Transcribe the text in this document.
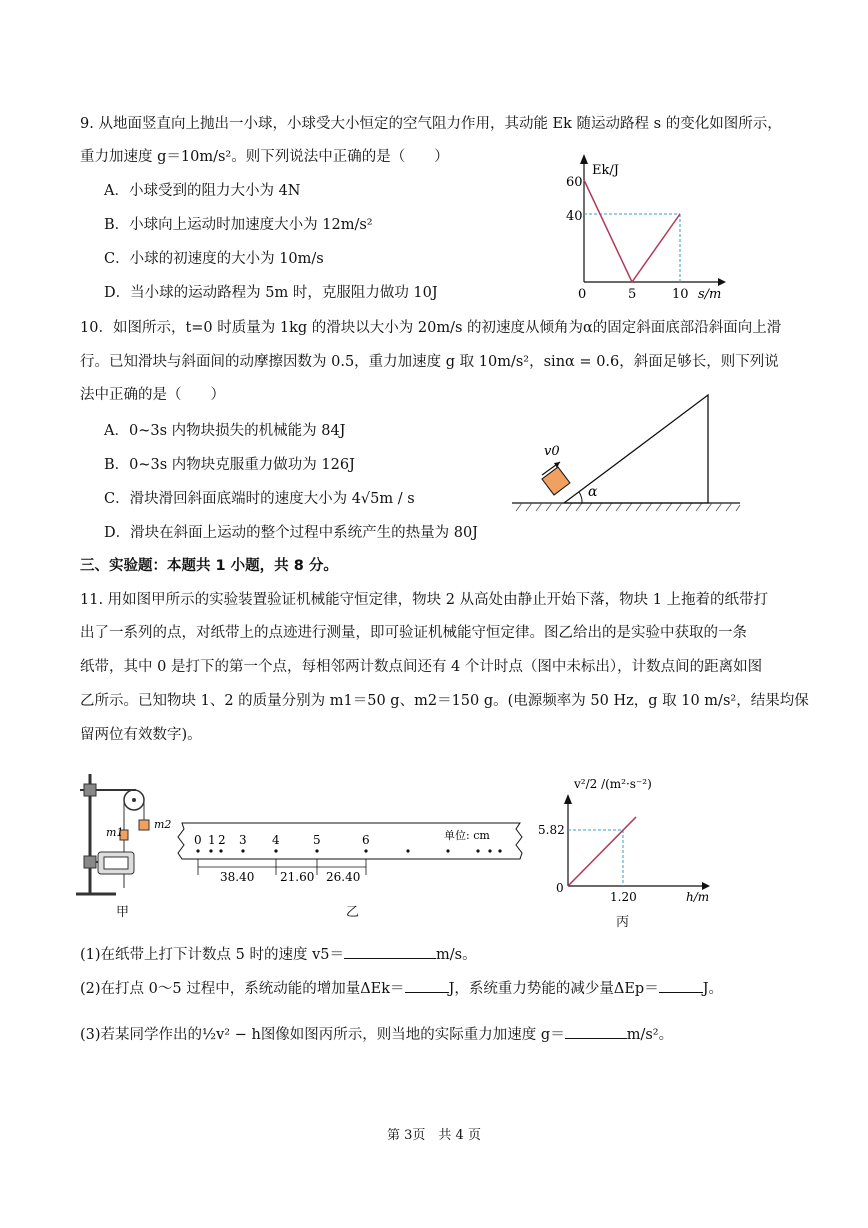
9. 从地面竖直向上抛出一小球，小球受大小恒定的空气阻力作用，其动能 Ek 随运动路程 s 的变化如图所示，
重力加速度 g＝10m/s²。则下列说法中正确的是（　　）
A．小球受到的阻力大小为 4N
B．小球向上运动时加速度大小为 12m/s²
C．小球的初速度的大小为 10m/s
D．当小球的运动路程为 5m 时，克服阻力做功 10J
Ek/J
60
40
0	5	10 s/m
10．如图所示，t=0 时质量为 1kg 的滑块以大小为 20m/s 的初速度从倾角为α的固定斜面底部沿斜面向上滑
行。已知滑块与斜面间的动摩擦因数为 0.5，重力加速度 g 取 10m/s²，sinα = 0.6，斜面足够长，则下列说
法中正确的是（　　）
A．0~3s 内物块损失的机械能为 84J
B．0~3s 内物块克服重力做功为 126J
C．滑块滑回斜面底端时的速度大小为 4√5m / s
D．滑块在斜面上运动的整个过程中系统产生的热量为 80J
α
v0
三、实验题：本题共 1 小题，共 8 分。
11. 用如图甲所示的实验装置验证机械能守恒定律，物块 2 从高处由静止开始下落，物块 1 上拖着的纸带打
出了一系列的点，对纸带上的点迹进行测量，即可验证机械能守恒定律。图乙给出的是实验中获取的一条
纸带，其中 0 是打下的第一个点，每相邻两计数点间还有 4 个计时点（图中未标出），计数点间的距离如图
乙所示。已知物块 1、2 的质量分别为 m1＝50 g、m2＝150 g。(电源频率为 50 Hz，g 取 10 m/s²，结果均保
留两位有效数字)。
m2
m1
甲
单位: cm
0 1 2 3 4	5	6
38.40 21.60 26.40
乙
v²/2 /(m²·s⁻²)
5.82
0
1.20	h/m
丙
(1)在纸带上打下计数点 5 时的速度 v5＝	m/s。
(2)在打点 0～5 过程中，系统动能的增加量ΔEk＝	J，系统重力势能的减少量ΔEp＝	J。
(3)若某同学作出的½v² − h图像如图丙所示，则当地的实际重力加速度 g＝	m/s²。
第 3页　共 4 页
